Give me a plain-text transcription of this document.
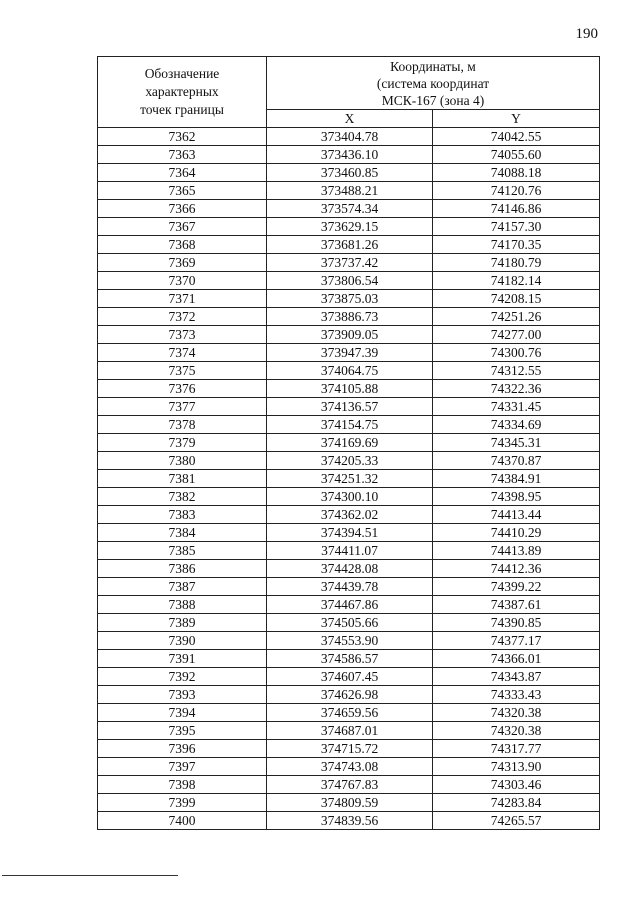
190
Обозначение
характерных
точек границы	Координаты, м
(система координат
МСК-167 (зона 4)	

	X	Y
7362	373404.78	74042.55
7363	373436.10	74055.60
7364	373460.85	74088.18
7365	373488.21	74120.76
7366	373574.34	74146.86
7367	373629.15	74157.30
7368	373681.26	74170.35
7369	373737.42	74180.79
7370	373806.54	74182.14
7371	373875.03	74208.15
7372	373886.73	74251.26
7373	373909.05	74277.00
7374	373947.39	74300.76
7375	374064.75	74312.55
7376	374105.88	74322.36
7377	374136.57	74331.45
7378	374154.75	74334.69
7379	374169.69	74345.31
7380	374205.33	74370.87
7381	374251.32	74384.91
7382	374300.10	74398.95
7383	374362.02	74413.44
7384	374394.51	74410.29
7385	374411.07	74413.89
7386	374428.08	74412.36
7387	374439.78	74399.22
7388	374467.86	74387.61
7389	374505.66	74390.85
7390	374553.90	74377.17
7391	374586.57	74366.01
7392	374607.45	74343.87
7393	374626.98	74333.43
7394	374659.56	74320.38
7395	374687.01	74320.38
7396	374715.72	74317.77
7397	374743.08	74313.90
7398	374767.83	74303.46
7399	374809.59	74283.84
7400	374839.56	74265.57
